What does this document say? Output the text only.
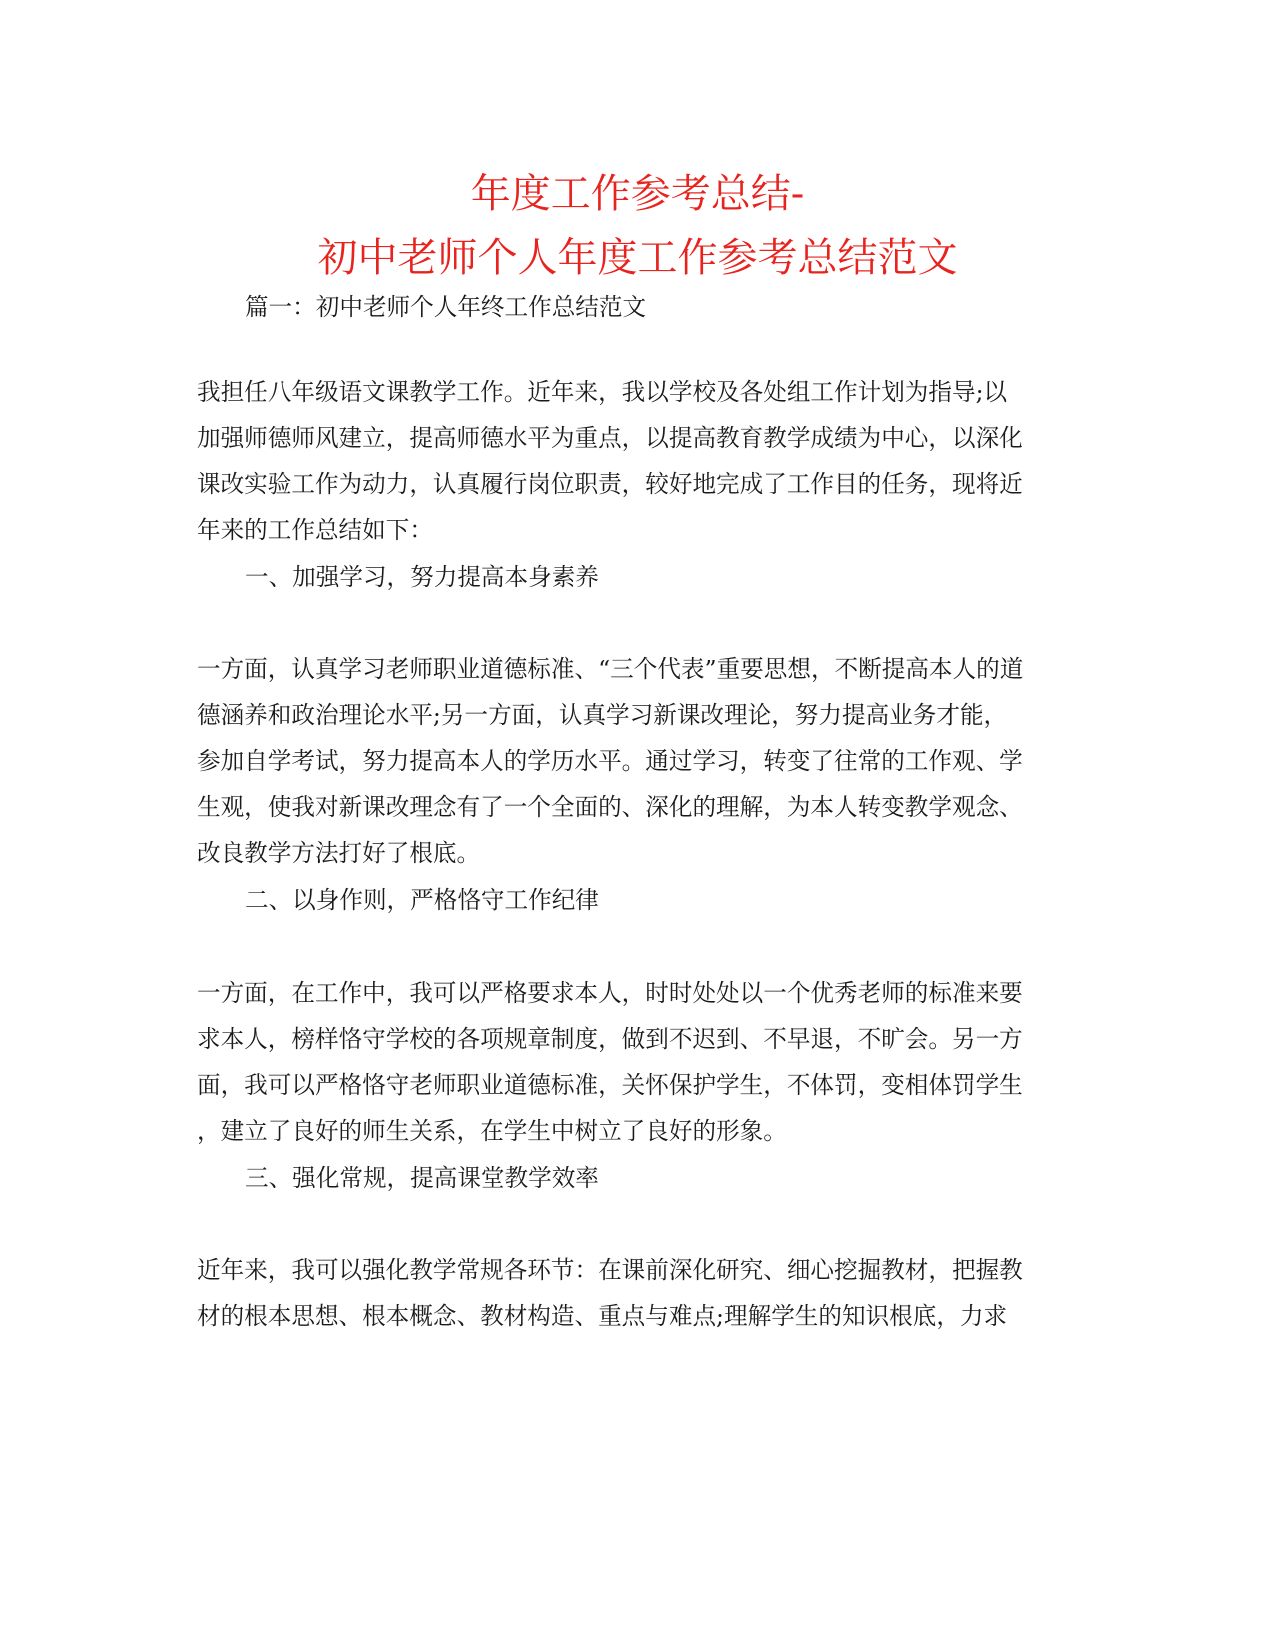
年度工作参考总结-
初中老师个人年度工作参考总结范文
篇一：初中老师个人年终工作总结范文
我担任八年级语文课教学工作。近年来，我以学校及各处组工作计划为指导;以
加强师德师风建立，提高师德水平为重点，以提高教育教学成绩为中心，以深化
课改实验工作为动力，认真履行岗位职责，较好地完成了工作目的任务，现将近
年来的工作总结如下：
一、加强学习，努力提高本身素养
一方面，认真学习老师职业道德标准、“三个代表”重要思想，不断提高本人的道
德涵养和政治理论水平;另一方面，认真学习新课改理论，努力提高业务才能，
参加自学考试，努力提高本人的学历水平。通过学习，转变了往常的工作观、学
生观，使我对新课改理念有了一个全面的、深化的理解，为本人转变教学观念、
改良教学方法打好了根底。
二、以身作则，严格恪守工作纪律
一方面，在工作中，我可以严格要求本人，时时处处以一个优秀老师的标准来要
求本人，榜样恪守学校的各项规章制度，做到不迟到、不早退，不旷会。另一方
面，我可以严格恪守老师职业道德标准，关怀保护学生，不体罚，变相体罚学生
，建立了良好的师生关系，在学生中树立了良好的形象。
三、强化常规，提高课堂教学效率
近年来，我可以强化教学常规各环节：在课前深化研究、细心挖掘教材，把握教
材的根本思想、根本概念、教材构造、重点与难点;理解学生的知识根底，力求
